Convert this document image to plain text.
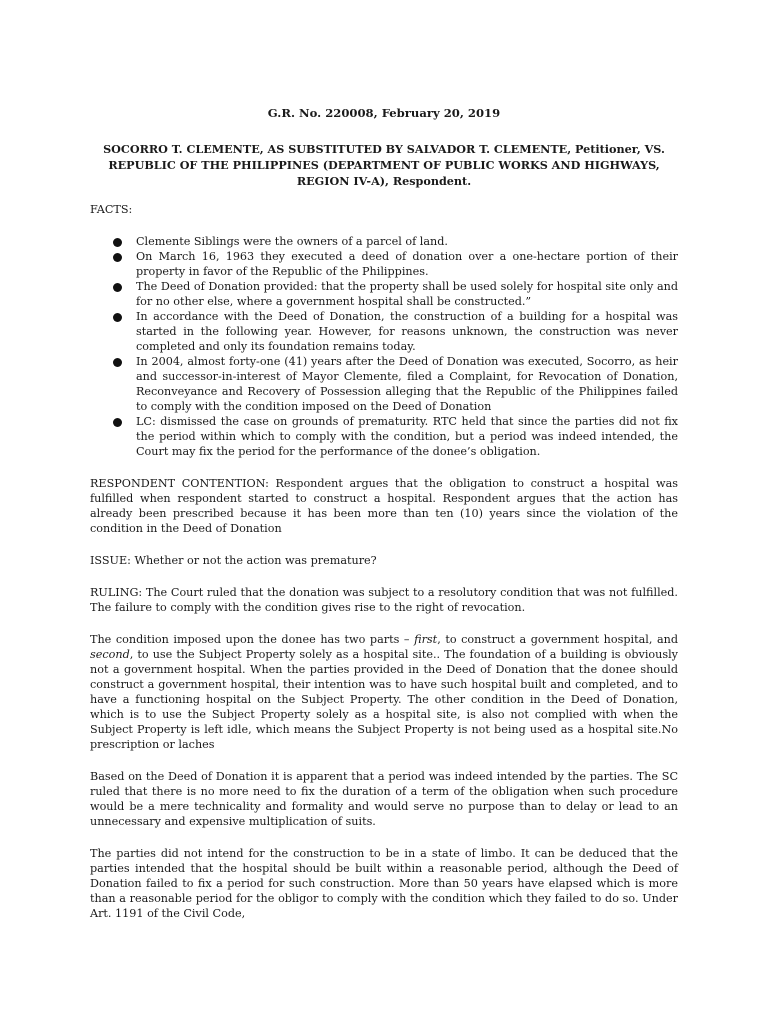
G.R. No. 220008, February 20, 2019
SOCORRO T. CLEMENTE, AS SUBSTITUTED BY SALVADOR T. CLEMENTE, Petitioner, VS. REPUBLIC OF THE PHILIPPINES (DEPARTMENT OF PUBLIC WORKS AND HIGHWAYS, REGION IV-A), Respondent.
FACTS:
Clemente Siblings were the owners of a parcel of land.
On March 16, 1963 they executed a deed of donation over a one-hectare portion of their property in favor of the Republic of the Philippines.
The Deed of Donation provided: that the property shall be used solely for hospital site only and for no other else, where a government hospital shall be constructed.”
In accordance with the Deed of Donation, the construction of a building for a hospital was started in the following year. However, for reasons unknown, the construction was never completed and only its foundation remains today.
In 2004, almost forty-one (41) years after the Deed of Donation was executed, Socorro, as heir and successor-in-interest of Mayor Clemente, filed a Complaint, for Revocation of Donation, Reconveyance and Recovery of Possession alleging that the Republic of the Philippines failed to comply with the condition imposed on the Deed of Donation
LC: dismissed the case on grounds of prematurity. RTC held that since the parties did not fix the period within which to comply with the condition, but a period was indeed intended, the Court may fix the period for the performance of the donee’s obligation.

RESPONDENT CONTENTION: Respondent argues that the obligation to construct a hospital was fulfilled when respondent started to construct a hospital. Respondent argues that the action has already been prescribed because it has been more than ten (10) years since the violation of the condition in the Deed of Donation

ISSUE: Whether or not the action was premature?

RULING: The Court ruled that the donation was subject to a resolutory condition that was not fulfilled. The failure to comply with the condition gives rise to the right of revocation.

The condition imposed upon the donee has two parts – first, to construct a government hospital, and second, to use the Subject Property solely as a hospital site.. The foundation of a building is obviously not a government hospital. When the parties provided in the Deed of Donation that the donee should construct a government hospital, their intention was to have such hospital built and completed, and to have a functioning hospital on the Subject Property. The other condition in the Deed of Donation, which is to use the Subject Property solely as a hospital site, is also not complied with when the Subject Property is left idle, which means the Subject Property is not being used as a hospital site.No prescription or laches

Based on the Deed of Donation it is apparent that a period was indeed intended by the parties. The SC ruled that there is no more need to fix the duration of a term of the obligation when such procedure would be a mere technicality and formality and would serve no purpose than to delay or lead to an unnecessary and expensive multiplication of suits.

The parties did not intend for the construction to be in a state of limbo. It can be deduced that the parties intended that the hospital should be built within a reasonable period, although the Deed of Donation failed to fix a period for such construction. More than 50 years have elapsed which is more than a reasonable period for the obligor to comply with the condition which they failed to do so. Under Art. 1191 of the Civil Code,
